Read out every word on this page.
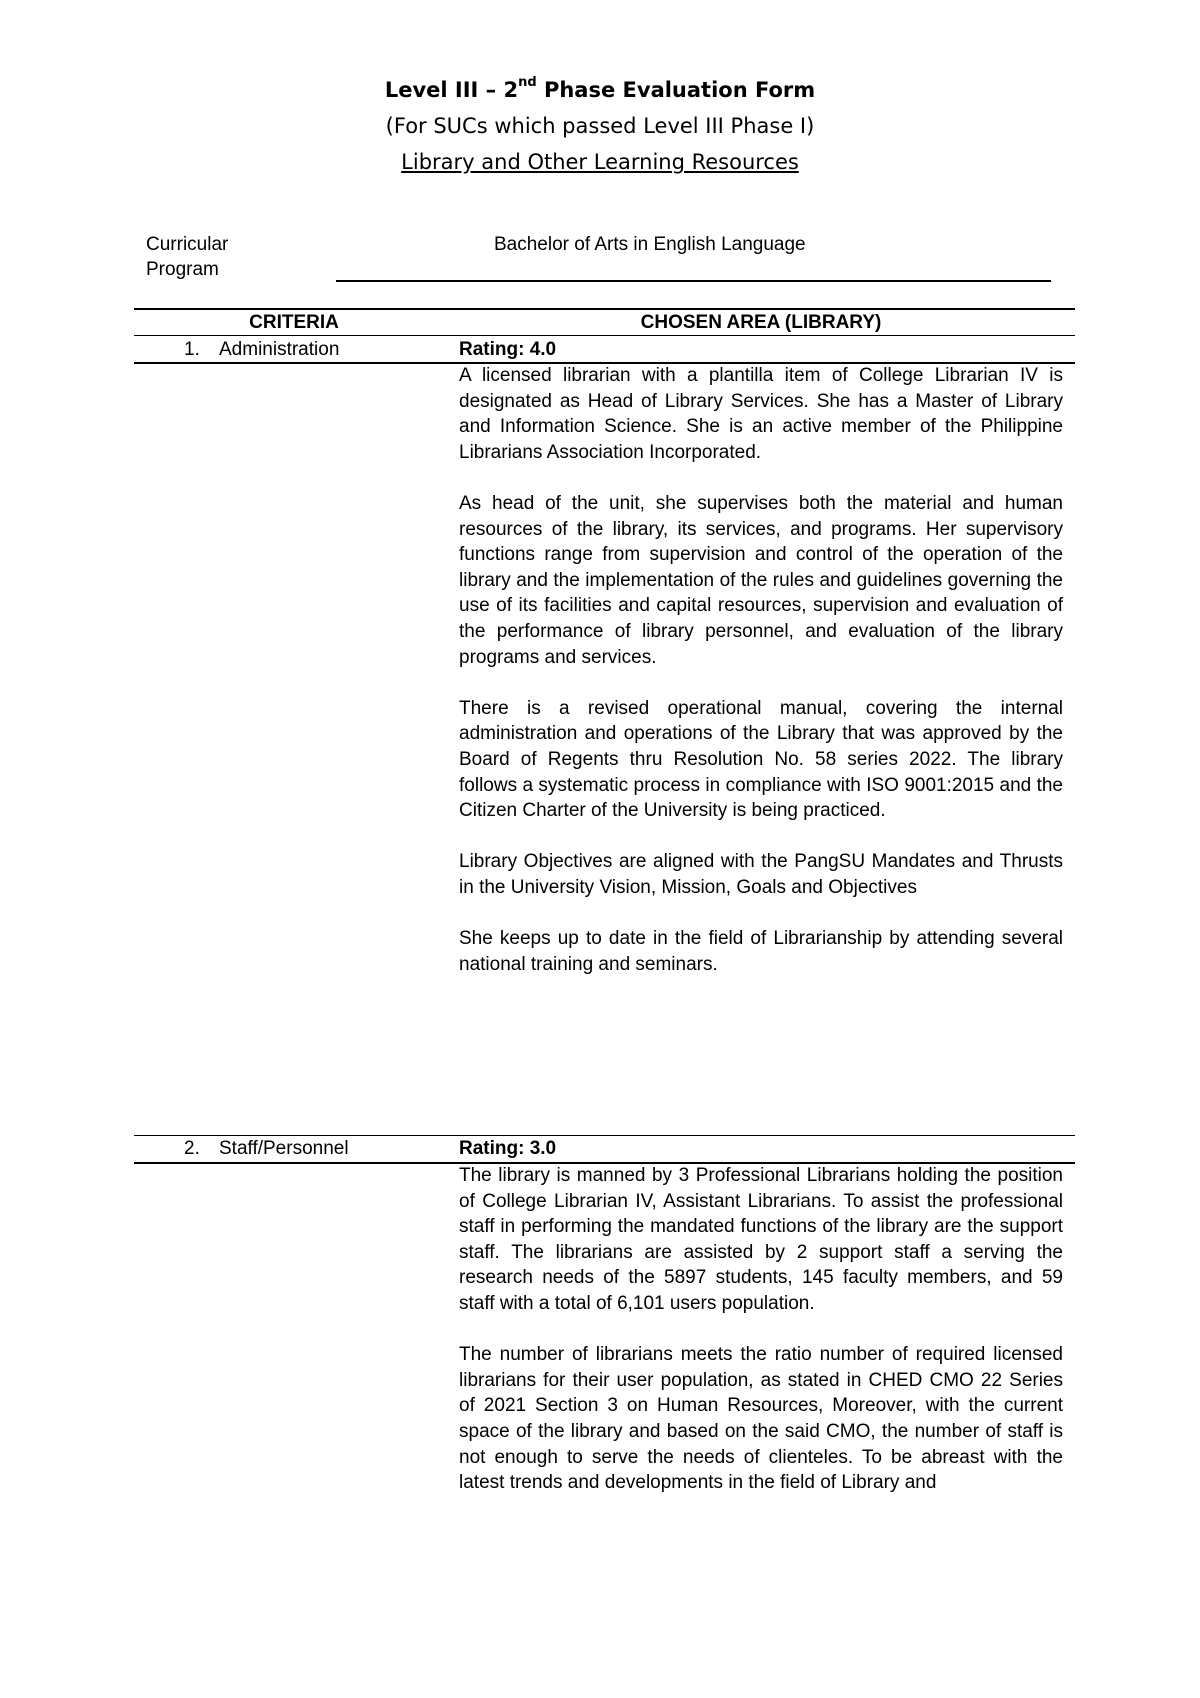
Level III – 2nd Phase Evaluation Form
(For SUCs which passed Level III Phase I)
Library and Other Learning Resources
Curricular Program
Bachelor of Arts in English Language
CRITERIA	CHOSEN AREA (LIBRARY)
1. Administration	Rating: 4.0

A licensed librarian with a plantilla item of College Librarian IV is designated as Head of Library Services. She has a Master of Library and Information Science. She is an active member of the Philippine Librarians Association Incorporated.

As head of the unit, she supervises both the material and human resources of the library, its services, and programs. Her supervisory functions range from supervision and control of the operation of the library and the implementation of the rules and guidelines governing the use of its facilities and capital resources, supervision and evaluation of the performance of library personnel, and evaluation of the library programs and services.

There is a revised operational manual, covering the internal administration and operations of the Library that was approved by the Board of Regents thru Resolution No. 58 series 2022. The library follows a systematic process in compliance with ISO 9001:2015 and the Citizen Charter of the University is being practiced.

Library Objectives are aligned with the PangSU Mandates and Thrusts in the University Vision, Mission, Goals and Objectives

She keeps up to date in the field of Librarianship by attending several national training and seminars.

2. Staff/Personnel	Rating: 3.0

The library is manned by 3 Professional Librarians holding the position of College Librarian IV, Assistant Librarians. To assist the professional staff in performing the mandated functions of the library are the support staff. The librarians are assisted by 2 support staff a serving the research needs of the 5897 students, 145 faculty members, and 59 staff with a total of 6,101 users population.

The number of librarians meets the ratio number of required licensed librarians for their user population, as stated in CHED CMO 22 Series of 2021 Section 3 on Human Resources, Moreover, with the current space of the library and based on the said CMO, the number of staff is not enough to serve the needs of clienteles. To be abreast with the latest trends and developments in the field of Library and
